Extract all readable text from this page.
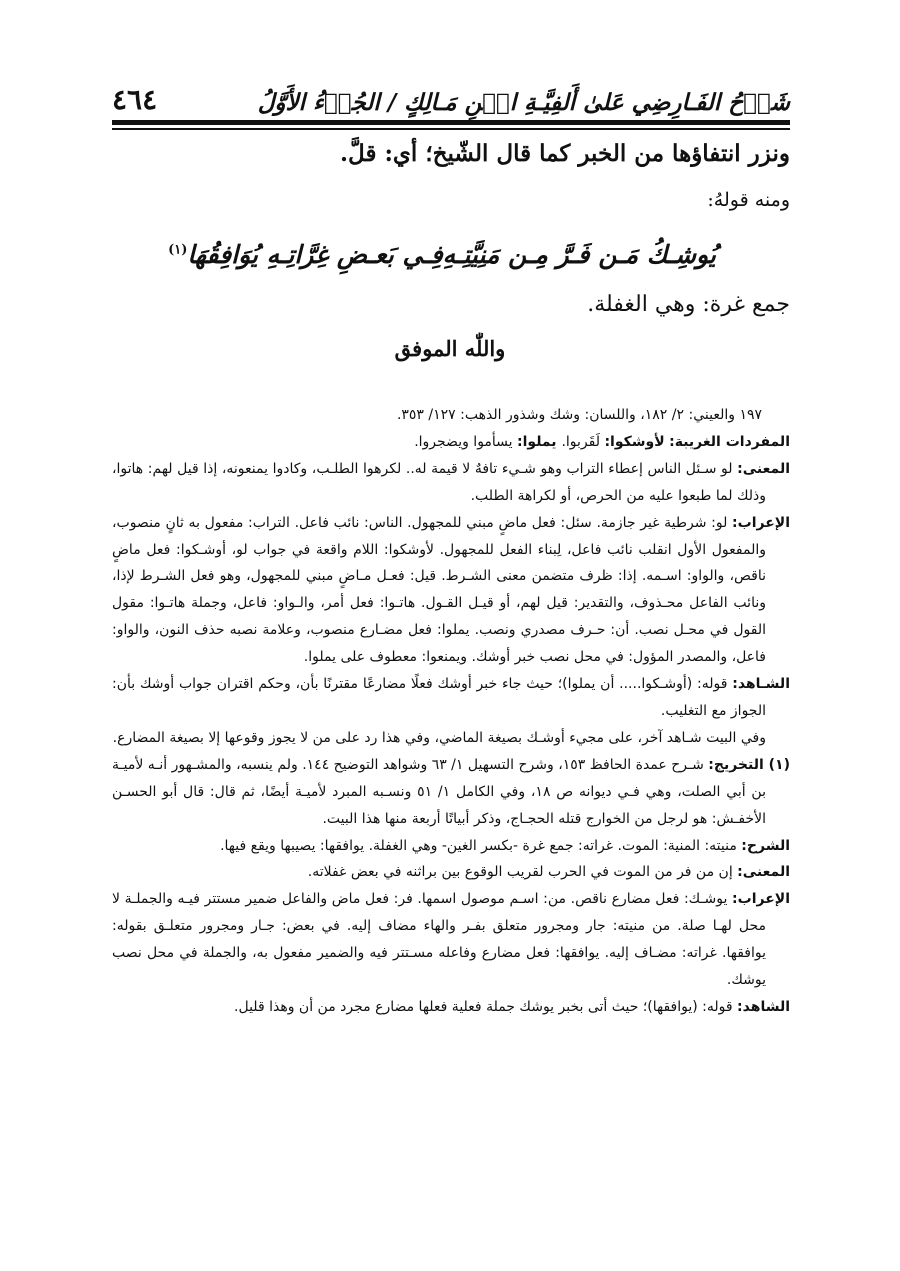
شَرۡحُ الفَـارِضِي عَلىٰ أَلفِيَّـةِ ابۡنِ مَـالِكٍ / الجُزۡءُ الأَوَّلُ
٤٦٤
ونزر انتفاؤها من الخبر كما قال الشّيخ؛ أي: قلَّ.
ومنه قولهُ:
يُوشِـكُ مَـن فَـرَّ مِـن مَنِيَّتِـهِ
فِـي بَعـضِ غِرَّاتِـهِ يُوَافِقُهَا$^{(١)}$
جمع غرة: وهي الغفلة.
واللّٰه الموفق

١٩٧ والعيني: ٢/ ١٨٢، واللسان: وشك وشذور الذهب: ١٢٧/ ٣٥٣.

المفردات الغريبة: لأوشكوا: لَقَربوا. يملوا: يسأموا ويضجروا.

المعنى: لو سـئل الناس إعطاء التراب وهو شـيء تافهٌ لا قيمة له.. لكرهوا الطلـب، وكادوا يمنعونه، إذا قيل لهم: هاتوا، وذلك لما طبعوا عليه من الحرص، أو لكراهة الطلب.

الإعراب: لو: شرطية غير جازمة. سئل: فعل ماضٍ مبني للمجهول. الناس: نائب فاعل. التراب: مفعول به ثانٍ منصوب، والمفعول الأول انقلب نائب فاعل، لِبناء الفعل للمجهول. لأوشكوا: اللام واقعة في جواب لو، أوشـكوا: فعل ماضٍ ناقص، والواو: اسـمه. إذا: ظرف متضمن معنى الشـرط. قيل: فعـل مـاضٍ مبني للمجهول، وهو فعل الشـرط لإذا، ونائب الفاعل محـذوف، والتقدير: قيل لهم، أو قيـل القـول. هاتـوا: فعل أمر، والـواو: فاعل، وجملة هاتـوا: مقول القول في محـل نصب. أن: حـرف مصدري ونصب. يملوا: فعل مضـارع منصوب، وعلامة نصبه حذف النون، والواو: فاعل، والمصدر المؤول: في محل نصب خبر أوشك. ويمنعوا: معطوف على يملوا.

الشـاهد: قوله: (أوشـكوا..... أن يملوا)؛ حيث جاء خبر أوشك فعلًا مضارعًا مقترنًا بأن، وحكم اقتران جواب أوشك بأن: الجواز مع التغليب.

وفي البيت شـاهد آخر، على مجيء أوشـك بصيغة الماضي، وفي هذا رد على من لا يجوز وقوعها إلا بصيغة المضارع.

(١) التخريج: شـرح عمدة الحافظ ١٥٣، وشرح التسهيل ١/ ٦٣ وشواهد التوضيح ١٤٤. ولم ينسبه، والمشـهور أنـه لأميـة بن أبي الصلت، وهي فـي ديوانه ص ١٨، وفي الكامل ١/ ٥١ ونسـبه المبرد لأميـة أيضًا، ثم قال: قال أبو الحسـن الأخفـش: هو لرجل من الخوارج قتله الحجـاج، وذكر أبياتًا أربعة منها هذا البيت.

الشرح: منيته: المنية: الموت. غراته: جمع غرة -بكسر الغين- وهي الغفلة. يوافقها: يصيبها ويقع فيها.

المعنى: إن من فر من الموت في الحرب لقريب الوقوع بين براثنه في بعض غفلاته.

الإعراب: يوشـك: فعل مضارع ناقص. من: اسـم موصول اسمها. فر: فعل ماض والفاعل ضمير مستتر فيـه والجملـة لا محل لهـا صلة. من منيته: جار ومجرور متعلق بفـر والهاء مضاف إليه. في بعض: جـار ومجرور متعلـق بقوله: يوافقها. غراته: مضـاف إليه. يوافقها: فعل مضارع وفاعله مسـتتر فيه والضمير مفعول به، والجملة في محل نصب يوشك.

الشاهد: قوله: (يوافقها)؛ حيث أتى بخبر يوشك جملة فعلية فعلها مضارع مجرد من أن وهذا قليل.
